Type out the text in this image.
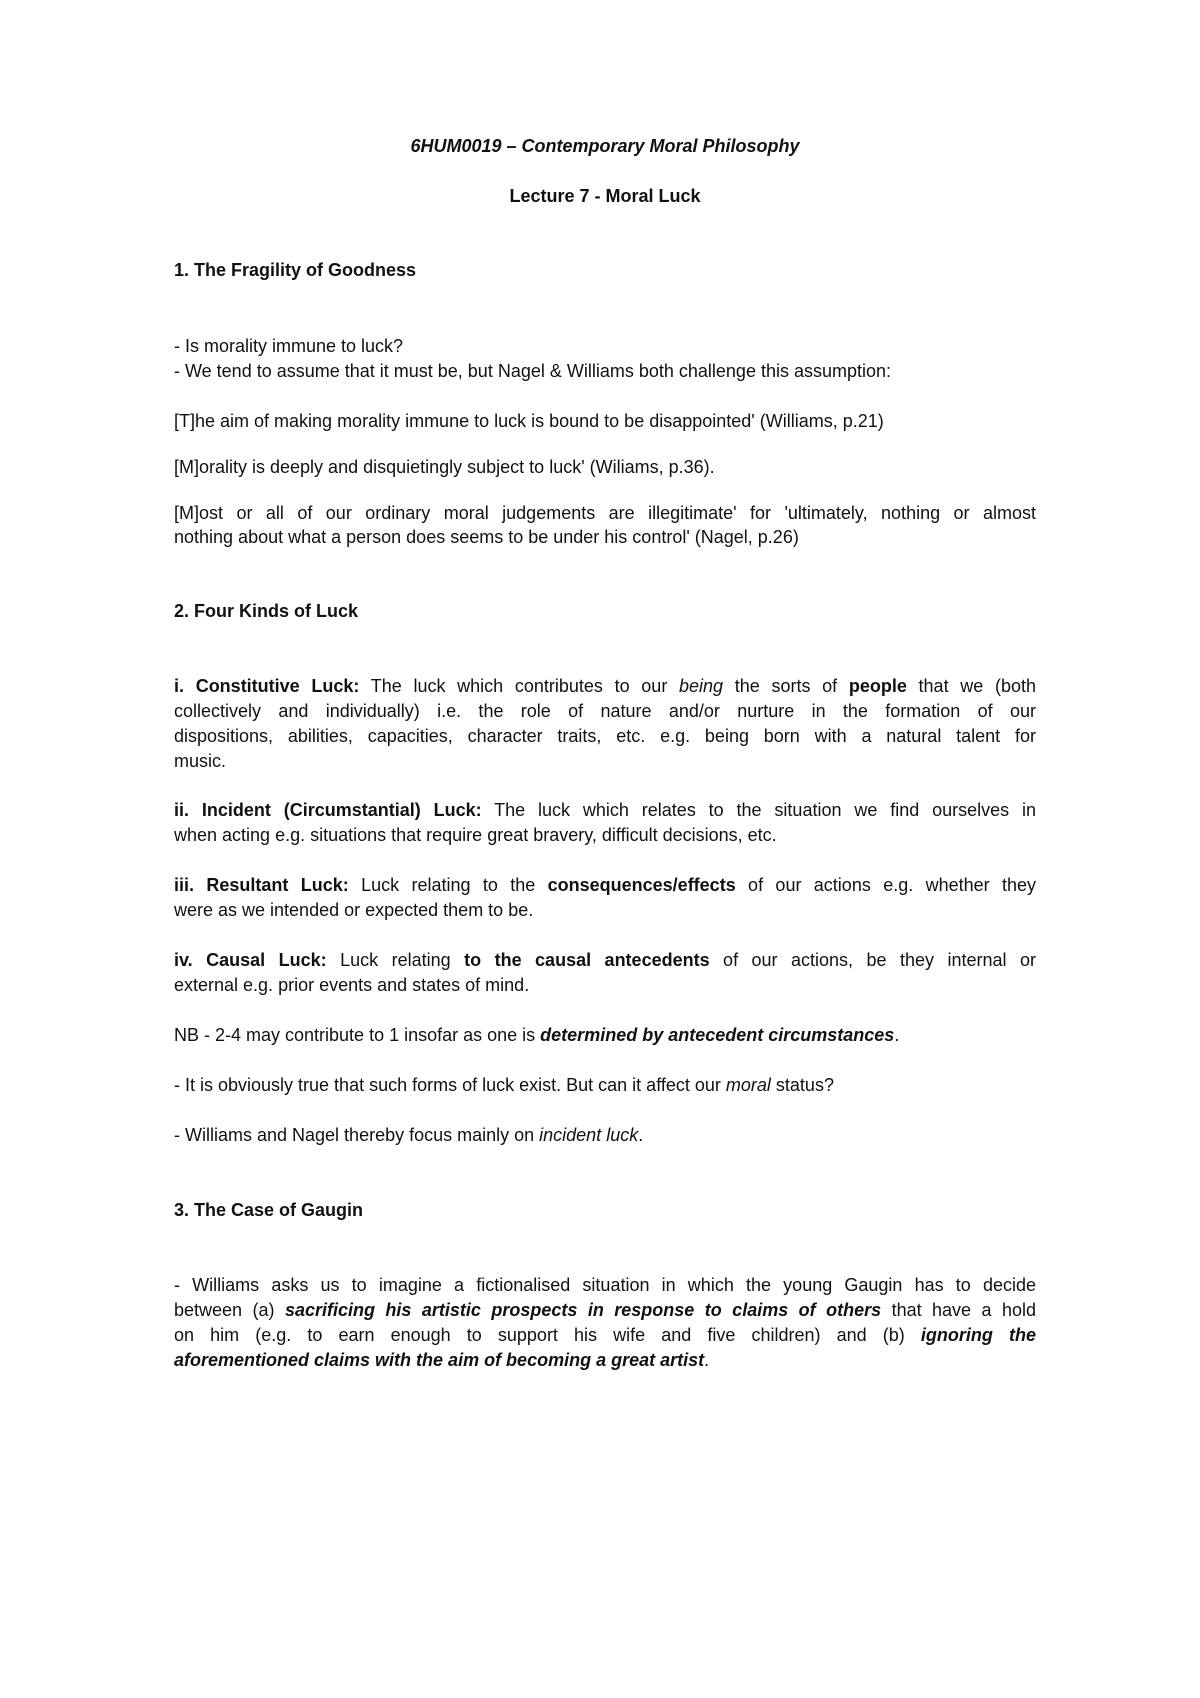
6HUM0019 – Contemporary Moral Philosophy
Lecture 7 - Moral Luck
1. The Fragility of Goodness
- Is morality immune to luck?
- We tend to assume that it must be, but Nagel & Williams both challenge this assumption:
[T]he aim of making morality immune to luck is bound to be disappointed' (Williams, p.21)
[M]orality is deeply and disquietingly subject to luck' (Wiliams, p.36).
[M]ost or all of our ordinary moral judgements are illegitimate' for 'ultimately, nothing or almost
nothing about what a person does seems to be under his control' (Nagel, p.26)
2. Four Kinds of Luck
i. Constitutive Luck: The luck which contributes to our being the sorts of people that we (both
collectively and individually) i.e. the role of nature and/or nurture in the formation of our
dispositions, abilities, capacities, character traits, etc. e.g. being born with a natural talent for
music.
ii. Incident (Circumstantial) Luck: The luck which relates to the situation we find ourselves in
when acting e.g. situations that require great bravery, difficult decisions, etc.
iii. Resultant Luck: Luck relating to the consequences/effects of our actions e.g. whether they
were as we intended or expected them to be.
iv. Causal Luck: Luck relating to the causal antecedents of our actions, be they internal or
external e.g. prior events and states of mind.
NB - 2-4 may contribute to 1 insofar as one is determined by antecedent circumstances.
- It is obviously true that such forms of luck exist. But can it affect our moral status?
- Williams and Nagel thereby focus mainly on incident luck.
3. The Case of Gaugin
- Williams asks us to imagine a fictionalised situation in which the young Gaugin has to decide
between (a) sacrificing his artistic prospects in response to claims of others that have a hold
on him (e.g. to earn enough to support his wife and five children) and (b) ignoring the
aforementioned claims with the aim of becoming a great artist.
